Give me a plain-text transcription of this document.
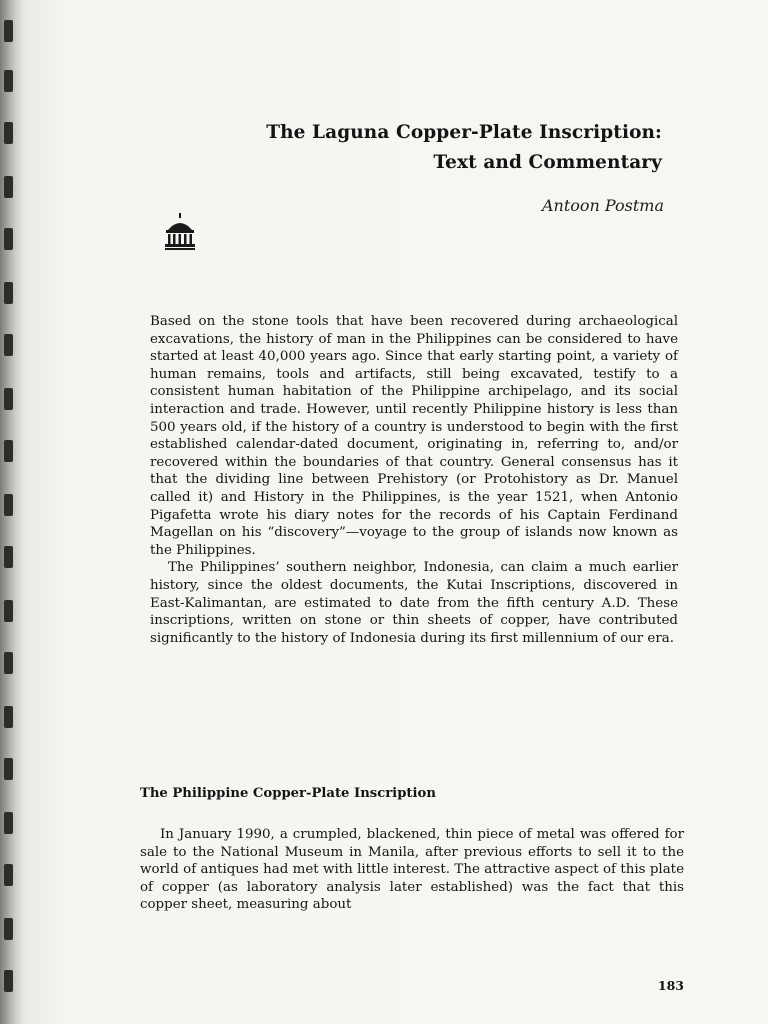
The Laguna Copper-Plate Inscription:
Text and Commentary
Antoon Postma

Based on the stone tools that have been recovered during archaeological excavations, the history of man in the Philippines can be considered to have started at least 40,000 years ago. Since that early starting point, a variety of human remains, tools and artifacts, still being excavated, testify to a consistent human habitation of the Philippine archipelago, and its social interaction and trade. However, until recently Philippine history is less than 500 years old, if the history of a country is understood to begin with the first established calendar-dated document, originating in, referring to, and/or recovered within the boundaries of that country. General consensus has it that the dividing line between Prehistory (or Protohistory as Dr. Manuel called it) and History in the Philippines, is the year 1521, when Antonio Pigafetta wrote his diary notes for the records of his Captain Ferdinand Magellan on his “discovery”—voyage to the group of islands now known as the Philippines.

The Philippines’ southern neighbor, Indonesia, can claim a much earlier history, since the oldest documents, the Kutai Inscriptions, discovered in East-Kalimantan, are estimated to date from the fifth century A.D. These inscriptions, written on stone or thin sheets of copper, have contributed significantly to the history of Indonesia during its first millennium of our era.

The Philippine Copper-Plate Inscription

In January 1990, a crumpled, blackened, thin piece of metal was offered for sale to the National Museum in Manila, after previous efforts to sell it to the world of antiques had met with little interest. The attractive aspect of this plate of copper (as laboratory analysis later established) was the fact that this copper sheet, measuring about

183
